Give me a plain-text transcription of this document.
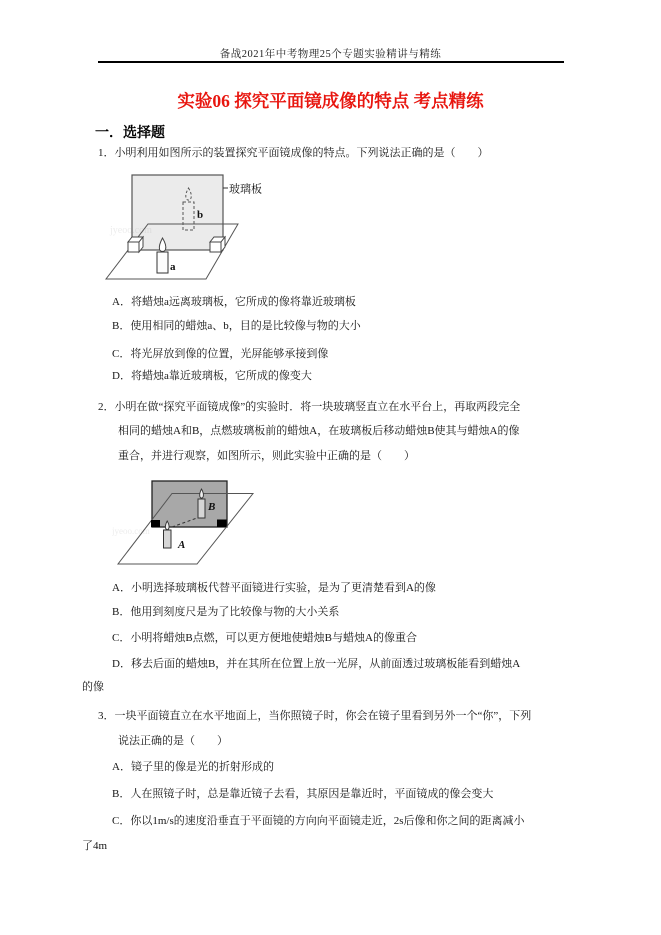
备战2021年中考物理25个专题实验精讲与精练
实验06 探究平面镜成像的特点 考点精练
一．选择题
1．小明利用如图所示的装置探究平面镜成像的特点。下列说法正确的是（　　）
jyeoo.com
a
b
玻璃板
A．将蜡烛a远离玻璃板，它所成的像将靠近玻璃板
B．使用相同的蜡烛a、b，目的是比较像与物的大小
C．将光屏放到像的位置，光屏能够承接到像
D．将蜡烛a靠近玻璃板，它所成的像变大
2．小明在做“探究平面镜成像”的实验时．将一块玻璃竖直立在水平台上，再取两段完全
相同的蜡烛A和B，点燃玻璃板前的蜡烛A，在玻璃板后移动蜡烛B使其与蜡烛A的像
重合，并进行观察，如图所示，则此实验中正确的是（　　）
jyeoo.com
B
A
A．小明选择玻璃板代替平面镜进行实验，是为了更清楚看到A的像
B．他用到刻度尺是为了比较像与物的大小关系
C．小明将蜡烛B点燃，可以更方便地使蜡烛B与蜡烛A的像重合
D．移去后面的蜡烛B，并在其所在位置上放一光屏，从前面透过玻璃板能看到蜡烛A
的像
3．一块平面镜直立在水平地面上，当你照镜子时，你会在镜子里看到另外一个“你”，下列
说法正确的是（　　）
A．镜子里的像是光的折射形成的
B．人在照镜子时，总是靠近镜子去看，其原因是靠近时，平面镜成的像会变大
C．你以1m/s的速度沿垂直于平面镜的方向向平面镜走近，2s后像和你之间的距离减小
了4m
